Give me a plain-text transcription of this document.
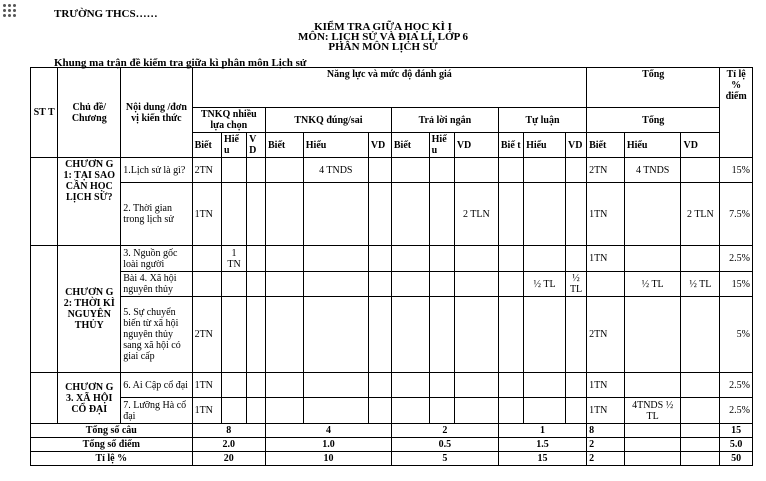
TRƯỜNG THCS……
KIỂM TRA GIỮA HỌC KÌ I
MÔN: LỊCH SỬ VÀ ĐỊA LÍ, LỚP 6
PHÂN MÔN LỊCH SỬ
Khung ma trận đề kiểm tra giữa kì phân môn Lịch sử
ST T	Chủ đề/ Chương	Nội dung /đơn vị kiến thức	Năng lực và mức độ đánh giá												Tổng			Tỉ lệ % điểm
			TNKQ nhiều lựa chọn			TNKQ đúng/sai			Trả lời ngắn			Tự luận			Tổng			
			Biết	Hiể u	V D	Biết	Hiểu	VD	Biết	Hiể u	VD	Biế t	Hiểu	VD	Biết	Hiểu	VD	

	CHƯƠN G 1: TẠI SAO CẦN HỌC LỊCH SỬ?	1.Lịch sử là gì?	2TN				4 TNDS								2TN	4 TNDS		15%
		2. Thời gian trong lịch sử	1TN								2 TLN				1TN		2 TLN	7.5%
	CHƯƠN G 2: THỜI KÌ NGUYÊN THỦY	3. Nguồn gốc loài người		1 TN											1TN			2.5%
		Bài 4. Xã hội nguyên thủy											½ TL	½ TL		½ TL	½ TL	15%
		5. Sự chuyển biến từ xã hội nguyên thủy sang xã hội có giai cấp	2TN												2TN			5%
	CHƯƠN G 3. XÃ HỘI CỔ ĐẠI	6. Ai Cập cổ đại	1TN												1TN			2.5%
		7. Lưỡng Hà cổ đại	1TN												1TN	4TNDS ½ TL		2.5%
Tổng số câu			8			4			2			1			8			15
Tổng số điểm			2.0			1.0			0.5			1.5			2			5.0
Tỉ lệ %			20			10			5			15			2			50
